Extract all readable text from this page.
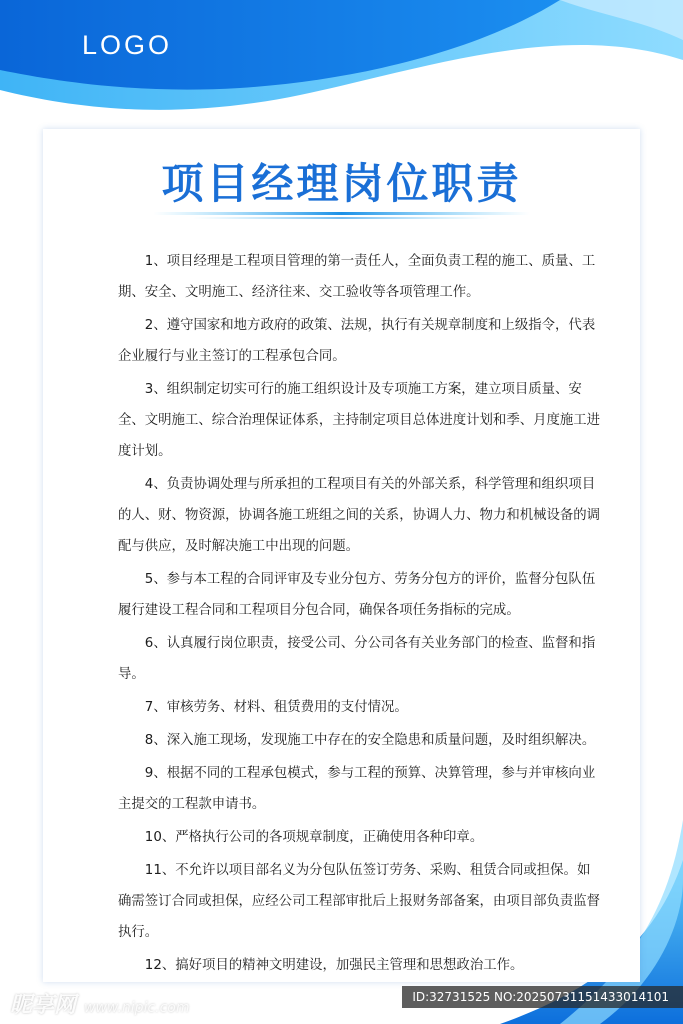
LOGO
项目经理岗位职责

1、项目经理是工程项目管理的第一责任人，全面负责工程的施工、质量、工期、安全、文明施工、经济往来、交工验收等各项管理工作。

2、遵守国家和地方政府的政策、法规，执行有关规章制度和上级指令，代表企业履行与业主签订的工程承包合同。

3、组织制定切实可行的施工组织设计及专项施工方案，建立项目质量、安全、文明施工、综合治理保证体系，主持制定项目总体进度计划和季、月度施工进度计划。

4、负责协调处理与所承担的工程项目有关的外部关系，科学管理和组织项目的人、财、物资源，协调各施工班组之间的关系，协调人力、物力和机械设备的调配与供应，及时解决施工中出现的问题。

5、参与本工程的合同评审及专业分包方、劳务分包方的评价，监督分包队伍履行建设工程合同和工程项目分包合同，确保各项任务指标的完成。

6、认真履行岗位职责，接受公司、分公司各有关业务部门的检查、监督和指导。

7、审核劳务、材料、租赁费用的支付情况。

8、深入施工现场，发现施工中存在的安全隐患和质量问题，及时组织解决。

9、根据不同的工程承包模式，参与工程的预算、决算管理，参与并审核向业主提交的工程款申请书。

10、严格执行公司的各项规章制度，正确使用各种印章。

11、不允许以项目部名义为分包队伍签订劳务、采购、租赁合同或担保。如确需签订合同或担保，应经公司工程部审批后上报财务部备案，由项目部负责监督执行。

12、搞好项目的精神文明建设，加强民主管理和思想政治工作。

昵享网 www.nipic.com
ID:32731525 NO:20250731151433014101
